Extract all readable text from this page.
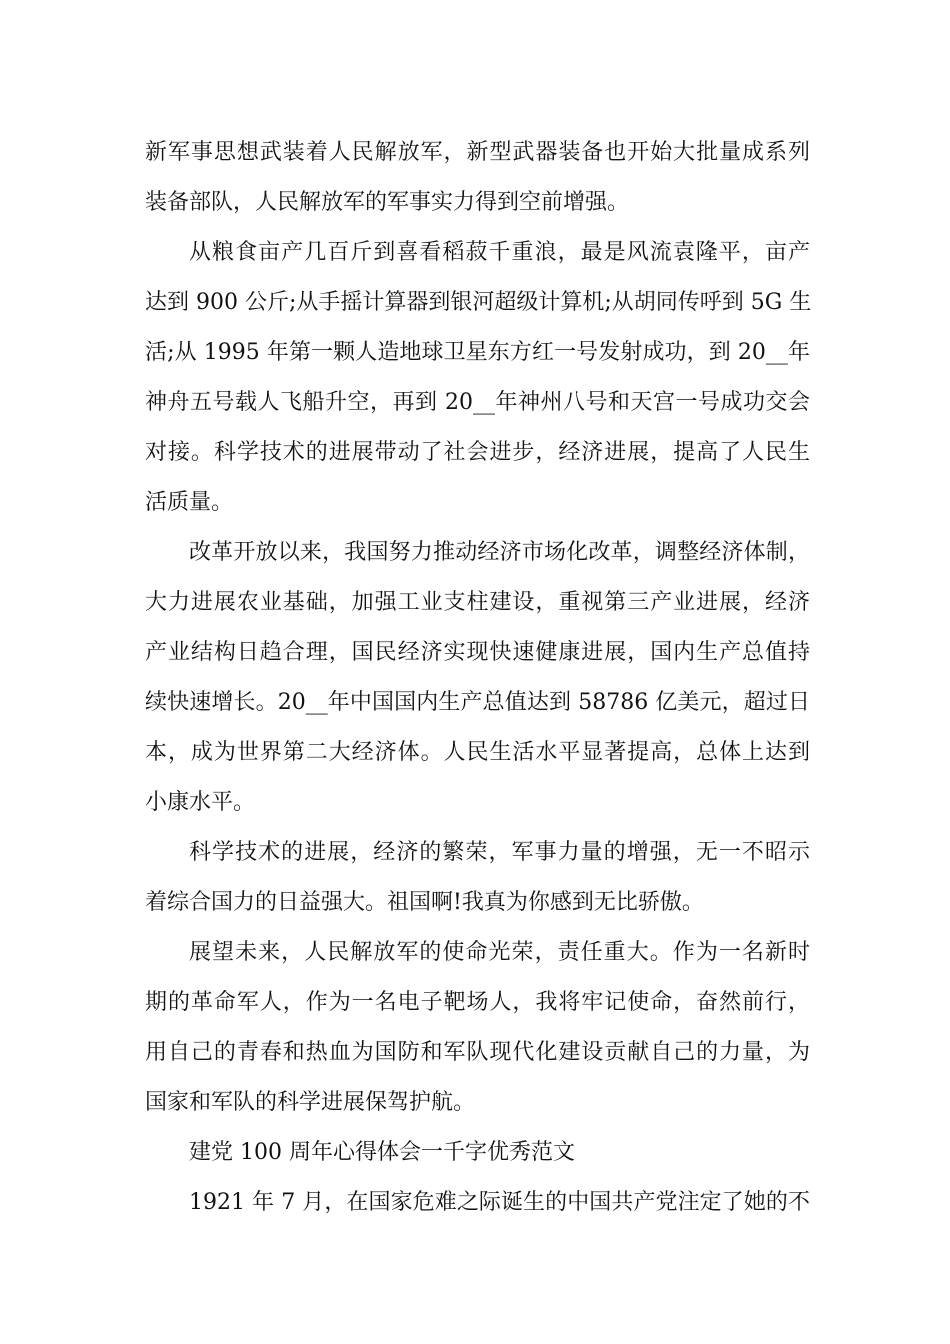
新军事思想武装着人民解放军，新型武器装备也开始大批量成系列
装备部队，人民解放军的军事实力得到空前增强。
从粮食亩产几百斤到喜看稻菽千重浪，最是风流袁隆平，亩产
达到 900 公斤;从手摇计算器到银河超级计算机;从胡同传呼到 5G 生
活;从 1995 年第一颗人造地球卫星东方红一号发射成功，到 20__年
神舟五号载人飞船升空，再到 20__年神州八号和天宫一号成功交会
对接。科学技术的进展带动了社会进步，经济进展，提高了人民生
活质量。
改革开放以来，我国努力推动经济市场化改革，调整经济体制，
大力进展农业基础，加强工业支柱建设，重视第三产业进展，经济
产业结构日趋合理，国民经济实现快速健康进展，国内生产总值持
续快速增长。20__年中国国内生产总值达到 58786 亿美元，超过日
本，成为世界第二大经济体。人民生活水平显著提高，总体上达到
小康水平。
科学技术的进展，经济的繁荣，军事力量的增强，无一不昭示
着综合国力的日益强大。祖国啊!我真为你感到无比骄傲。
展望未来，人民解放军的使命光荣，责任重大。作为一名新时
期的革命军人，作为一名电子靶场人，我将牢记使命，奋然前行，
用自己的青春和热血为国防和军队现代化建设贡献自己的力量，为
国家和军队的科学进展保驾护航。
建党 100 周年心得体会一千字优秀范文
1921 年 7 月，在国家危难之际诞生的中国共产党注定了她的不
